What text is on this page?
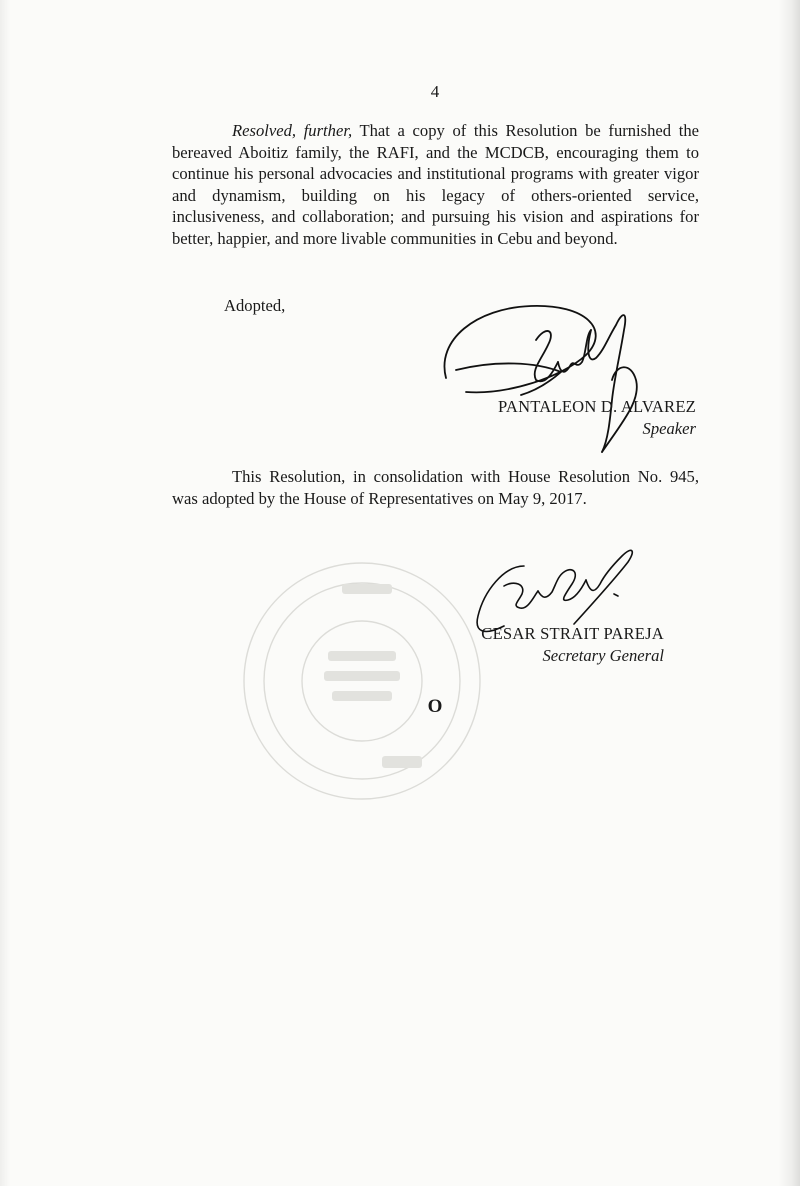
4

Resolved, further, That a copy of this Resolution be furnished the bereaved Aboitiz family, the RAFI, and the MCDCB, encouraging them to continue his personal advocacies and institutional programs with greater vigor and dynamism, building on his legacy of others-oriented service, inclusiveness, and collaboration; and pursuing his vision and aspirations for better, happier, and more livable communities in Cebu and beyond.

Adopted,
PANTALEON D. ALVAREZ
Speaker

This Resolution, in consolidation with House Resolution No. 945, was adopted by the House of Representatives on May 9, 2017.

CESAR STRAIT PAREJA
Secretary General
O
